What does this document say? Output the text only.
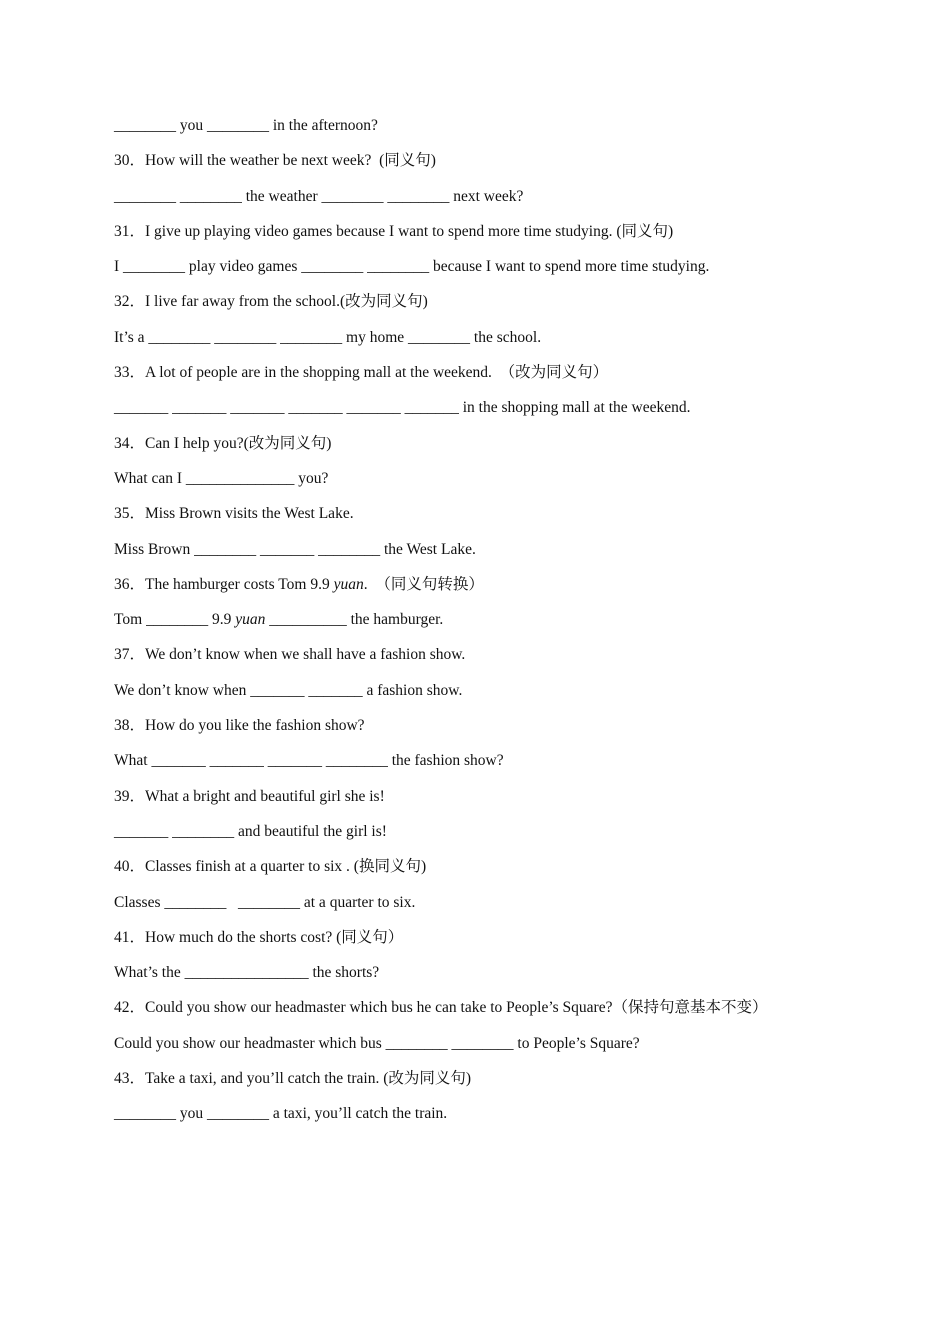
________ you ________ in the afternoon?
30．How will the weather be next week?  (同义句)
________ ________ the weather ________ ________ next week?
31．I give up playing video games because I want to spend more time studying. (同义句)
I ________ play video games ________ ________ because I want to spend more time studying.
32．I live far away from the school.(改为同义句)
It’s a ________ ________ ________ my home ________ the school.
33．A lot of people are in the shopping mall at the weekend.  （改为同义句）
_______ _______ _______ _______ _______ _______ in the shopping mall at the weekend.
34．Can I help you?(改为同义句)
What can I ______________ you?
35．Miss Brown visits the West Lake.
Miss Brown ________ _______ ________ the West Lake.
36．The hamburger costs Tom 9.9 yuan.  （同义句转换）
Tom ________ 9.9 yuan __________ the hamburger.
37．We don’t know when we shall have a fashion show.
We don’t know when _______ _______ a fashion show.
38．How do you like the fashion show?
What _______ _______ _______ ________ the fashion show?
39．What a bright and beautiful girl she is!
_______ ________ and beautiful the girl is!
40．Classes finish at a quarter to six . (换同义句)
Classes ________   ________ at a quarter to six.
41．How much do the shorts cost? (同义句）
What’s the ________________ the shorts?
42．Could you show our headmaster which bus he can take to People’s Square?（保持句意基本不变）
Could you show our headmaster which bus ________ ________ to People’s Square?
43．Take a taxi, and you’ll catch the train. (改为同义句)
________ you ________ a taxi, you’ll catch the train.
